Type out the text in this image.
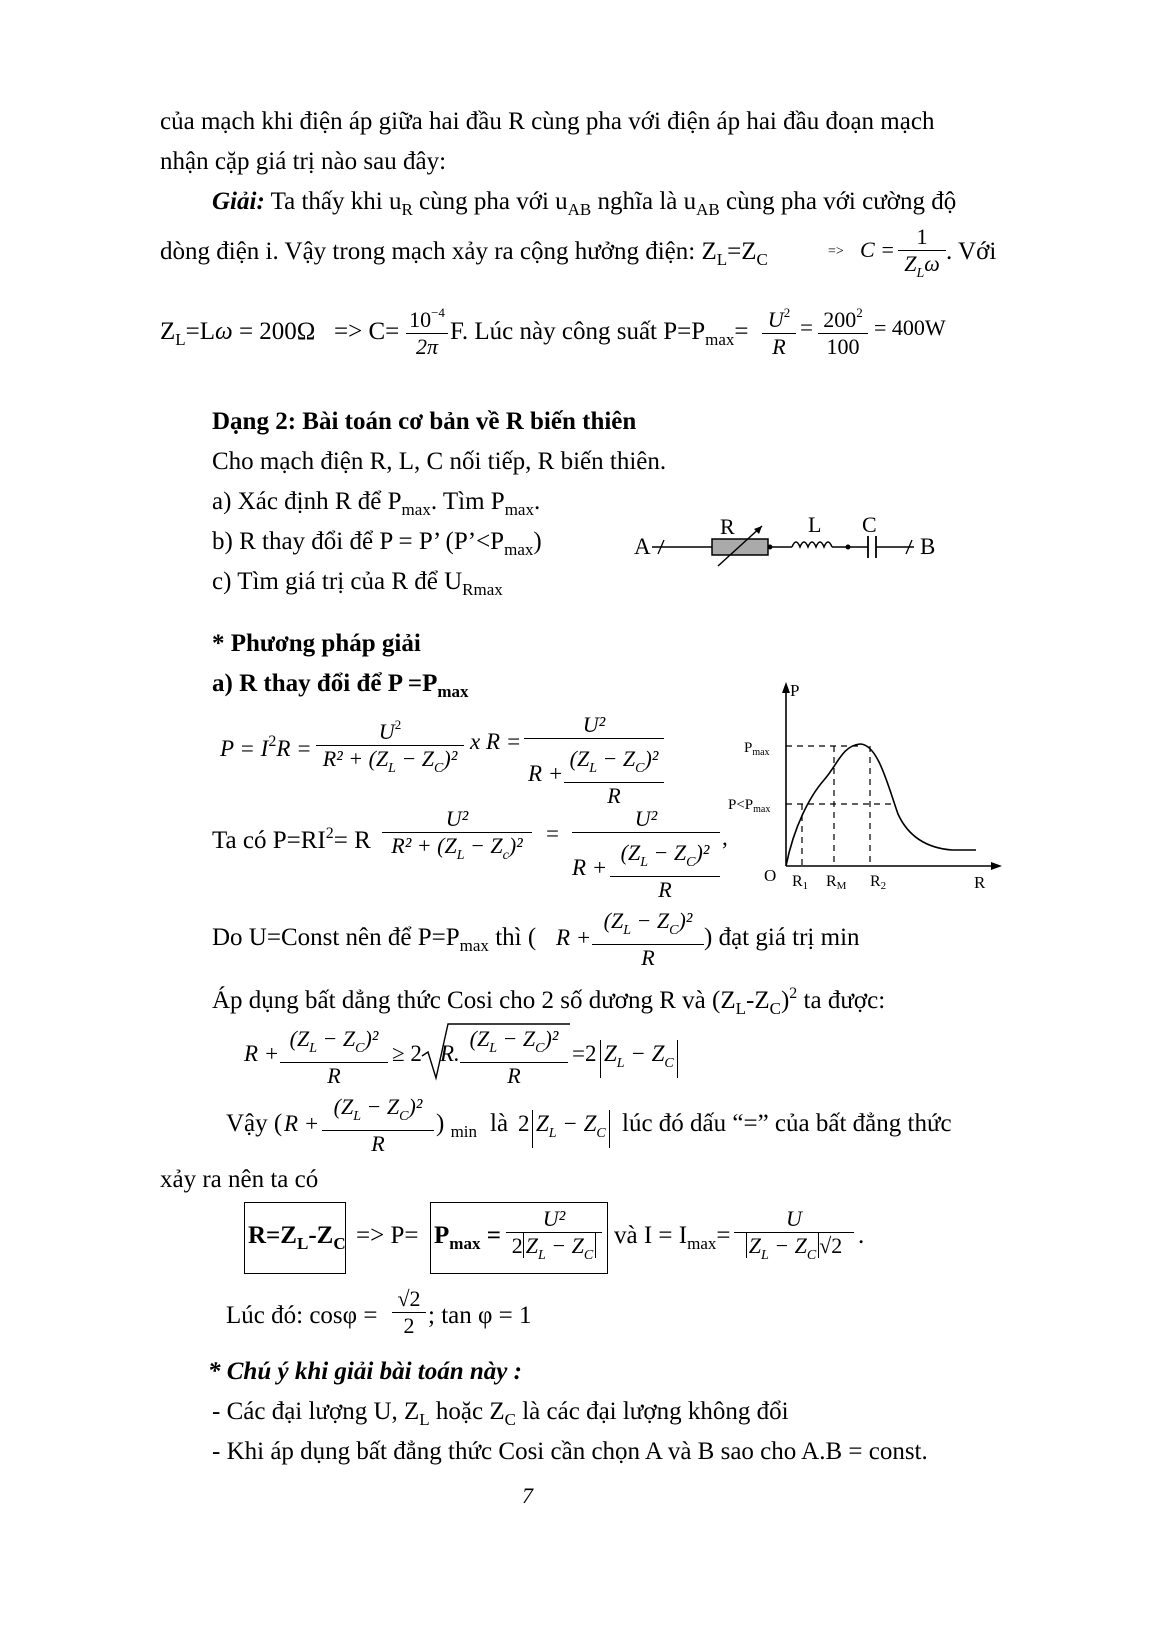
của mạch khi điện áp giữa hai đầu R cùng pha với điện áp hai đầu đoạn mạch
nhận cặp giá trị nào sau đây:
Giải: Ta thấy khi $u_R$ cùng pha với $u_{AB}$ nghĩa là $u_{AB}$ cùng pha với cường độ
dòng điện i. Vậy trong mạch xảy ra cộng hưởng điện: $Z_L=Z_C$	=> C =
1
$Z_L\omega$ . Với
$Z_L=L\omega = 200\Omega => C= 10^{-4}$
2π
F. Lúc này công suất $P=P_{max}= U^2$
R
= $200^2$
100
= 400W
Dạng 2: Bài toán cơ bản về R biến thiên
Cho mạch điện R, L, C nối tiếp, R biến thiên.
a) Xác định R để $P_{max}$. Tìm $P_{max}$.
b) R thay đổi để P = P’ $(P’<P_{max})$
c) Tìm giá trị của R để $U_{Rmax}$
A
R	L C
B
* Phương pháp giải
a) R thay đổi để $P =P_{max}$
$P = I^2R$ =
$U^2$
$R^2 + (Z_L - Z_C)^2$
x R =
U²
R +
$(Z_L - Z_C)^2$
R
Ta có $P=RI^2= R$
U²
$R^2 + (Z_L - Z_c)^2$	=
U²
R +
$(Z_L - Z_C)^2$
R
,
P
R
O
$P_{max}$
$P<P_{max}$
R1 RM R2
Do U=Const nên để $P=P_{max}$ thì ( R +
$(Z_L - Z_C)^2$
R
) đạt giá trị min
Áp dụng bất dẳng thức Cosi cho 2 số dương R và $(Z_L-Z_C)^2$ ta được:
R +
$(Z_L - Z_C)^2$
R
≥ 2 R.
$(Z_L - Z_C)^2$
R
=2 $Z_L - Z_C$
Vậy ( R +
$(Z_L - Z_C)^2$
R
) $_{min}$ là 2 $Z_L - Z_C$ lúc đó dấu “=” của bất đẳng thức
xảy ra nên ta có
$R=Z_L-Z_C => P= P_{max}$ =
U²
2 $Z_L - Z_C$
và $I = I_{max}=$
U
$Z_L - Z_C$ √2 .
Lúc đó: cosφ =
√2
2 ; tan φ = 1
* Chú ý khi giải bài toán này :
- Các đại lượng U, $Z_L$ hoặc $Z_C$ là các đại lượng không đổi
- Khi áp dụng bất đẳng thức Cosi cần chọn A và B sao cho A.B = const.
7
